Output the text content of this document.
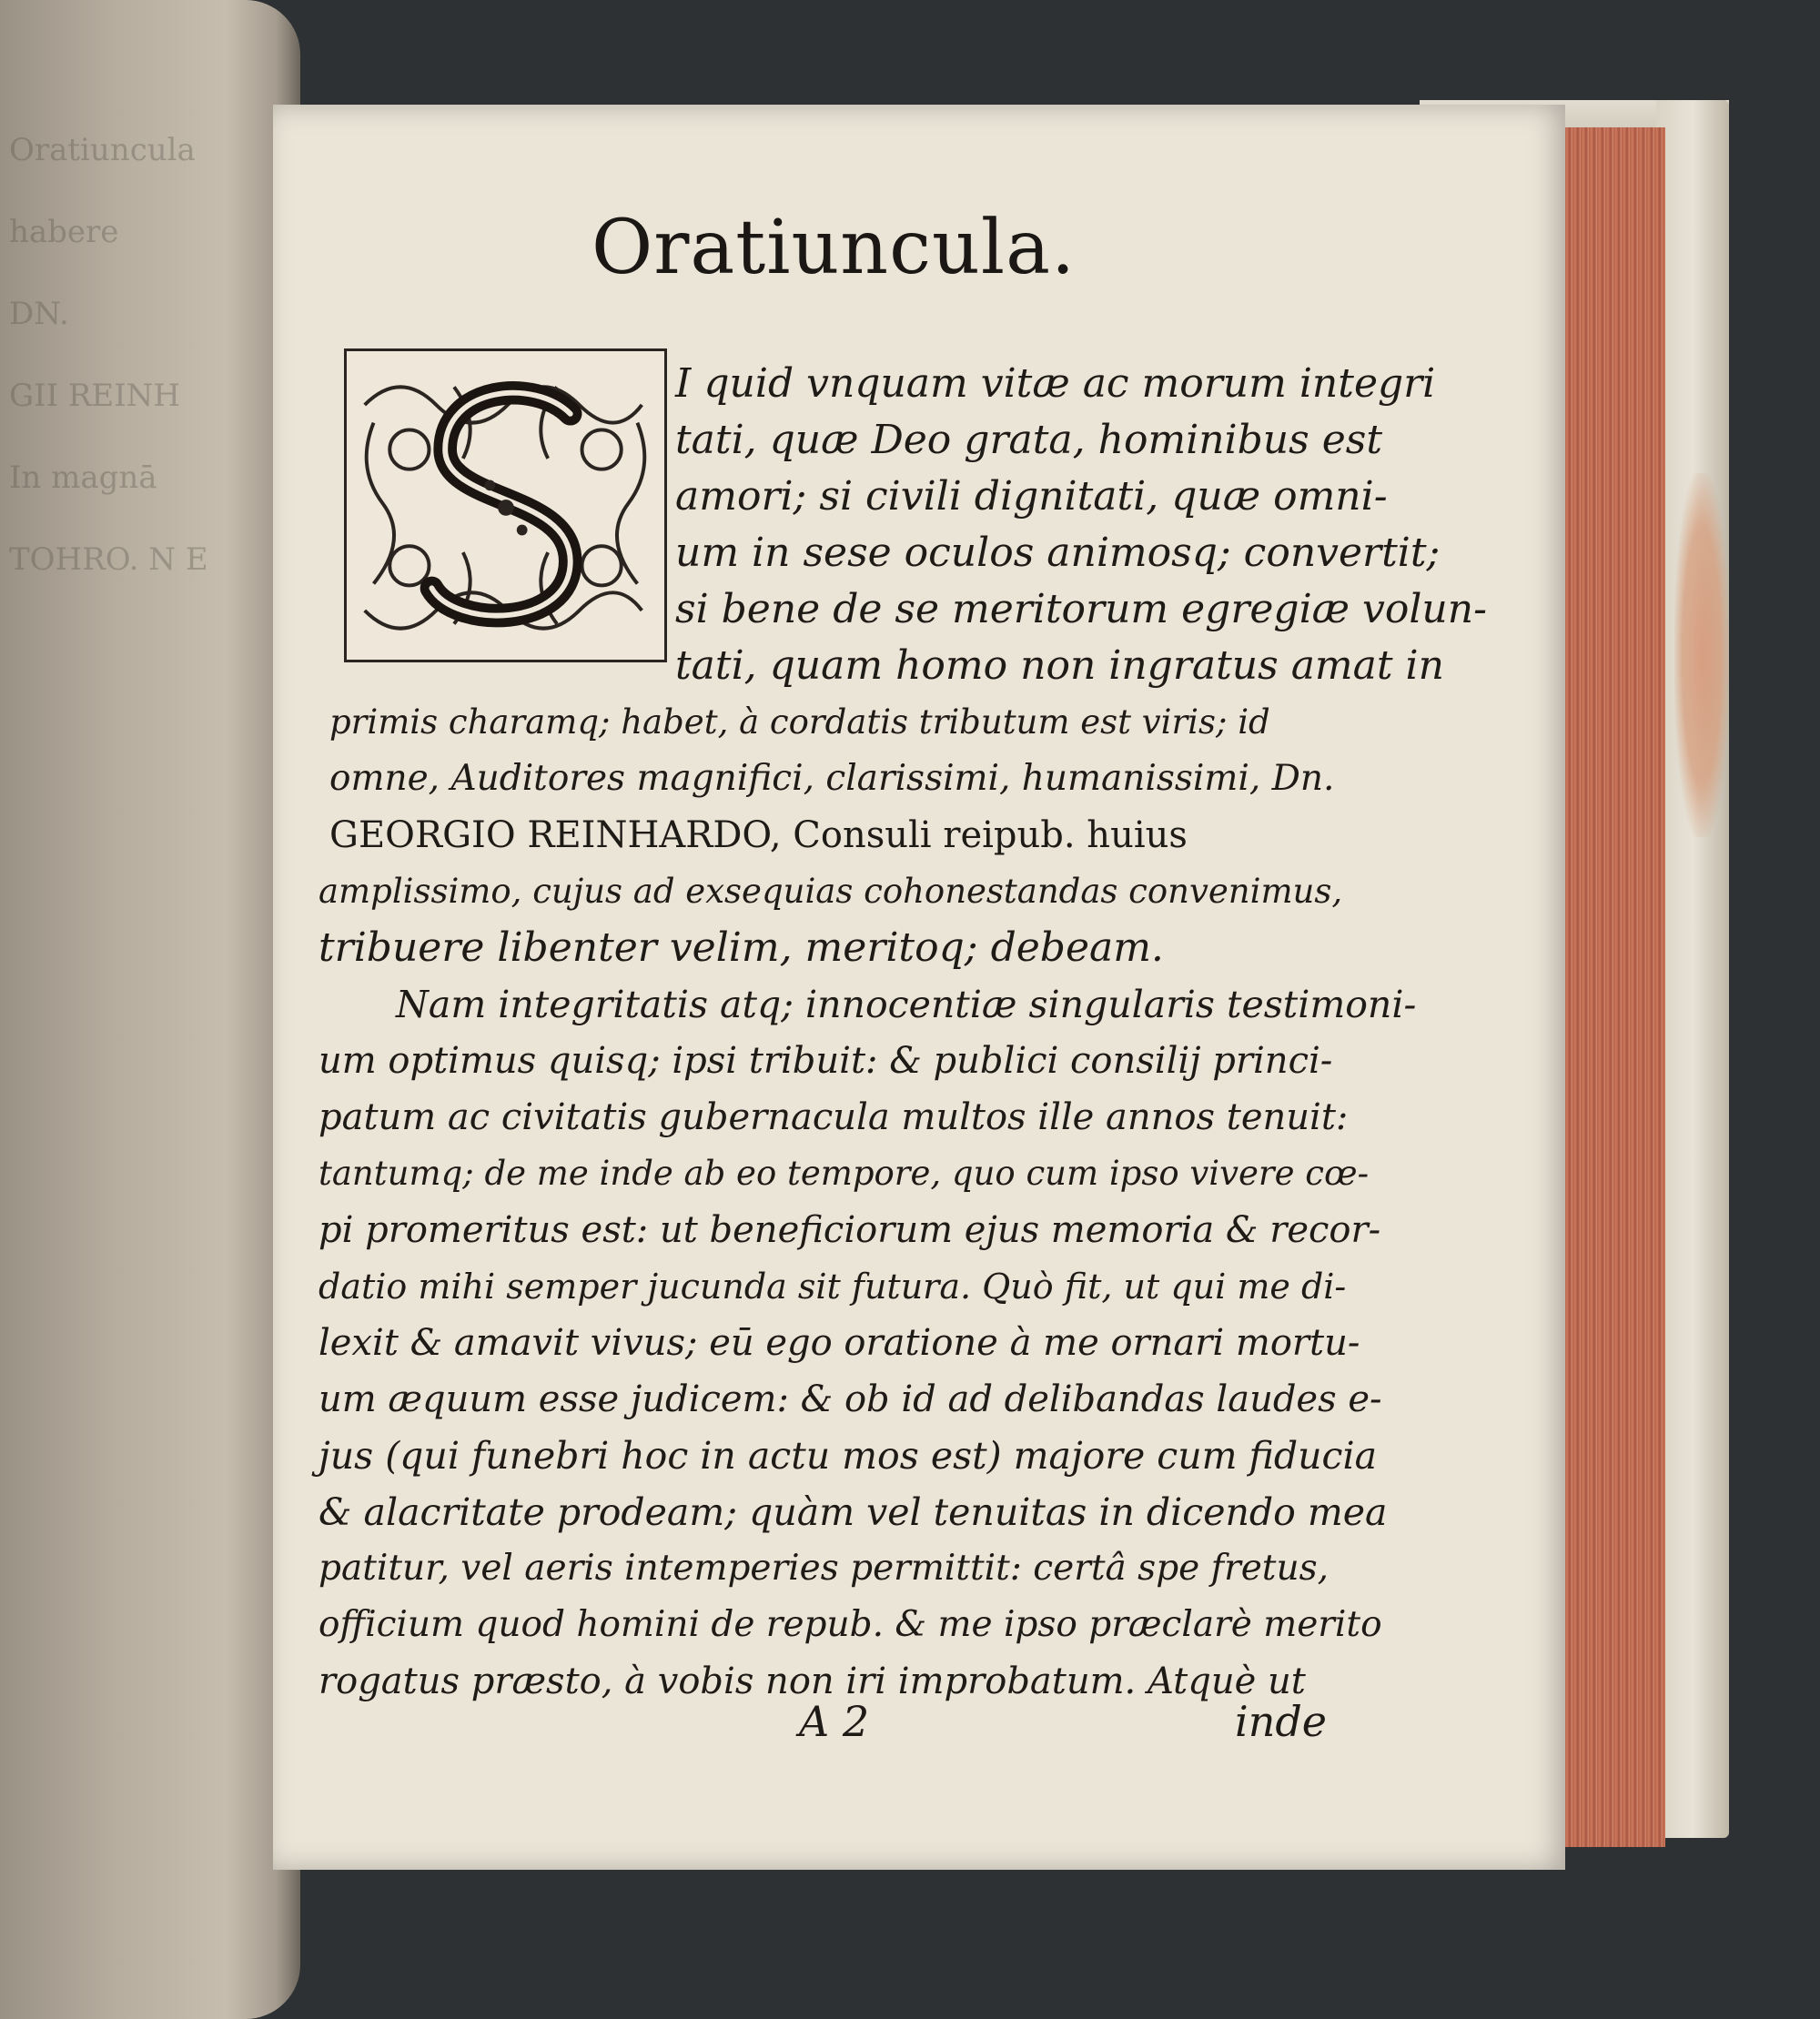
Oratiuncula
habere
DN.
GII REINH
In magnā
TOHRO. N E
Oratiuncula.
I quid vnquam vitæ ac morum integri
tati, quæ Deo grata, hominibus est
amori; si civili dignitati, quæ omni-
um in sese oculos animosq; convertit;
si bene de se meritorum egregiæ volun-
tati, quam homo non ingratus amat in
primis charamq; habet, à cordatis tributum est viris; id
omne, Auditores magnifici, clarissimi, humanissimi, Dn.
GEORGIO REINHARDO, Consuli reipub. huius
amplissimo, cujus ad exsequias cohonestandas convenimus,
tribuere libenter velim, meritoq; debeam.
Nam integritatis atq; innocentiæ singularis testimoni-
um optimus quisq; ipsi tribuit: & publici consilij princi-
patum ac civitatis gubernacula multos ille annos tenuit:
tantumq; de me inde ab eo tempore, quo cum ipso vivere cœ-
pi promeritus est: ut beneficiorum ejus memoria & recor-
datio mihi semper jucunda sit futura. Quò fit, ut qui me di-
lexit & amavit vivus; eū ego oratione à me ornari mortu-
um æquum esse judicem: & ob id ad delibandas laudes e-
jus (qui funebri hoc in actu mos est) majore cum fiducia
& alacritate prodeam; quàm vel tenuitas in dicendo mea
patitur, vel aeris intemperies permittit: certâ spe fretus,
officium quod homini de repub. & me ipso præclarè merito
rogatus præsto, à vobis non iri improbatum. Atquè ut
A 2	inde
